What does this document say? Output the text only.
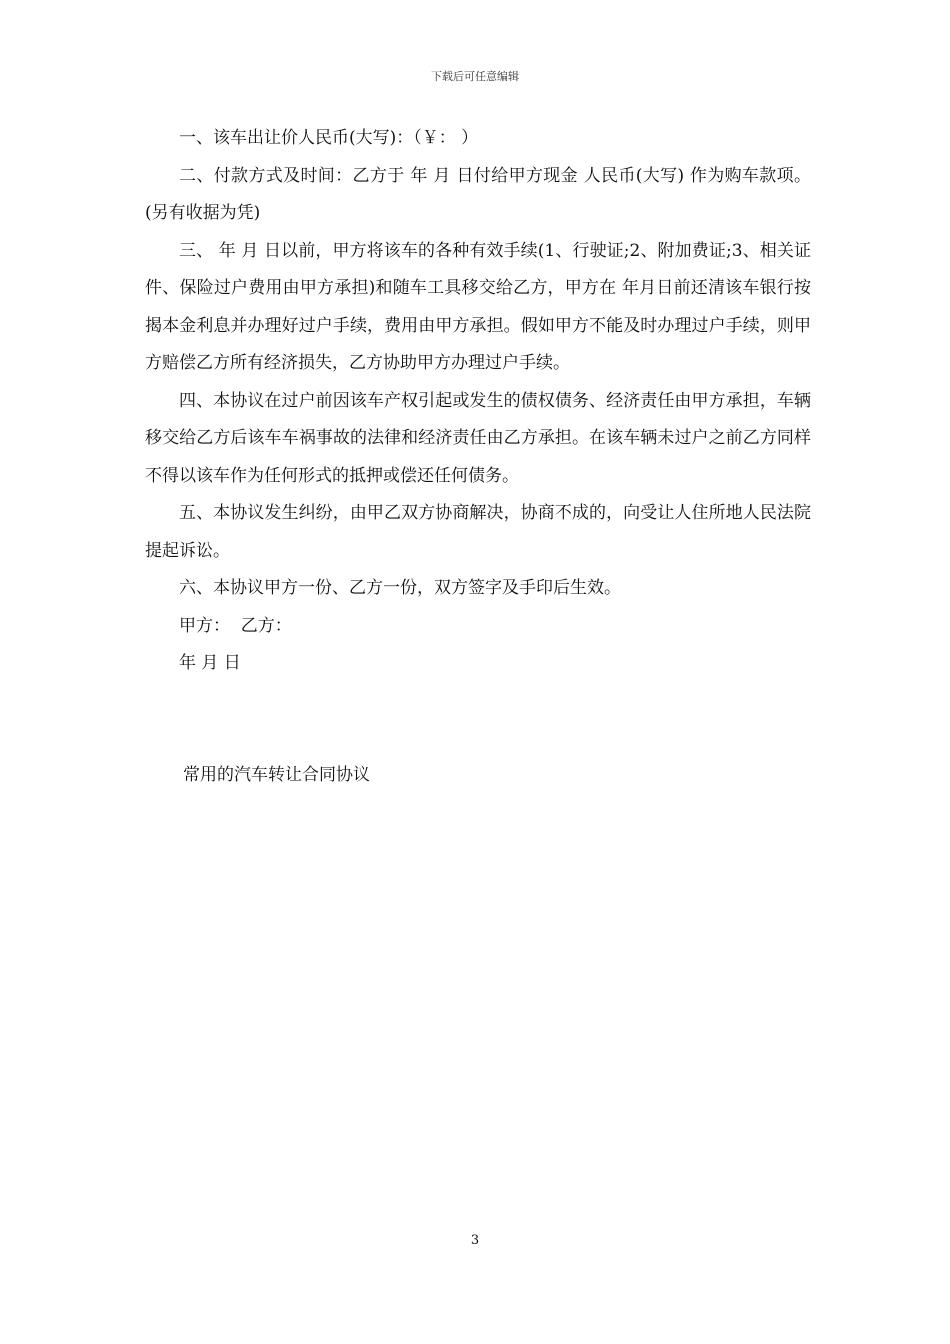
下载后可任意编辑

一、该车出让价人民币(大写)：（￥： ）

二、付款方式及时间：乙方于 年 月 日付给甲方现金 人民币(大写) 作为购车款项。(另有收据为凭)

三、 年 月 日以前，甲方将该车的各种有效手续(1、行驶证;2、附加费证;3、相关证件、保险过户费用由甲方承担)和随车工具移交给乙方，甲方在 年月日前还清该车银行按揭本金利息并办理好过户手续，费用由甲方承担。假如甲方不能及时办理过户手续，则甲方赔偿乙方所有经济损失，乙方协助甲方办理过户手续。

四、本协议在过户前因该车产权引起或发生的债权债务、经济责任由甲方承担，车辆移交给乙方后该车车祸事故的法律和经济责任由乙方承担。在该车辆未过户之前乙方同样不得以该车作为任何形式的抵押或偿还任何债务。

五、本协议发生纠纷，由甲乙双方协商解决，协商不成的，向受让人住所地人民法院提起诉讼。

六、本协议甲方一份、乙方一份，双方签字及手印后生效。

甲方：  乙方：

年 月 日

常用的汽车转让合同协议
3
